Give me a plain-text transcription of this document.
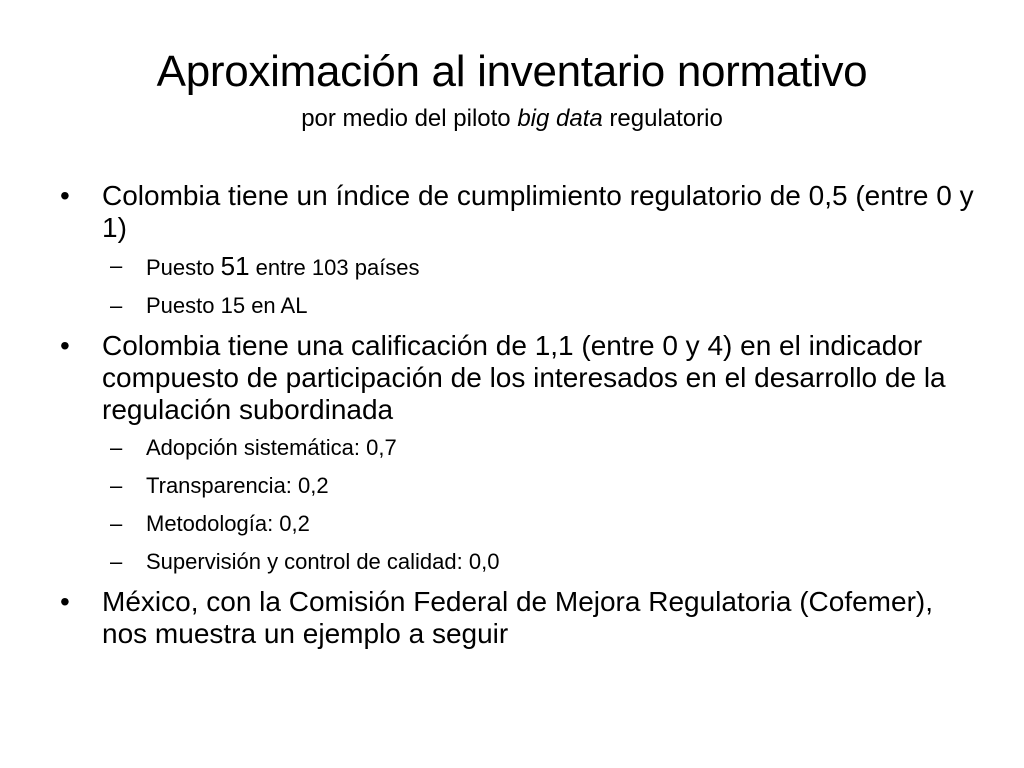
Aproximación al inventario normativo
por medio del piloto big data regulatorio
•	Colombia tiene un índice de cumplimiento regulatorio de 0,5 (entre 0 y 1)
– Puesto 51 entre 103 países
– Puesto 15 en AL
•	Colombia tiene una calificación de 1,1 (entre 0 y 4) en el indicador compuesto de participación de los interesados en el desarrollo de la regulación subordinada
– Adopción sistemática: 0,7
– Transparencia: 0,2
– Metodología: 0,2
– Supervisión y control de calidad: 0,0
•	México, con la Comisión Federal de Mejora Regulatoria (Cofemer), nos muestra un ejemplo a seguir
